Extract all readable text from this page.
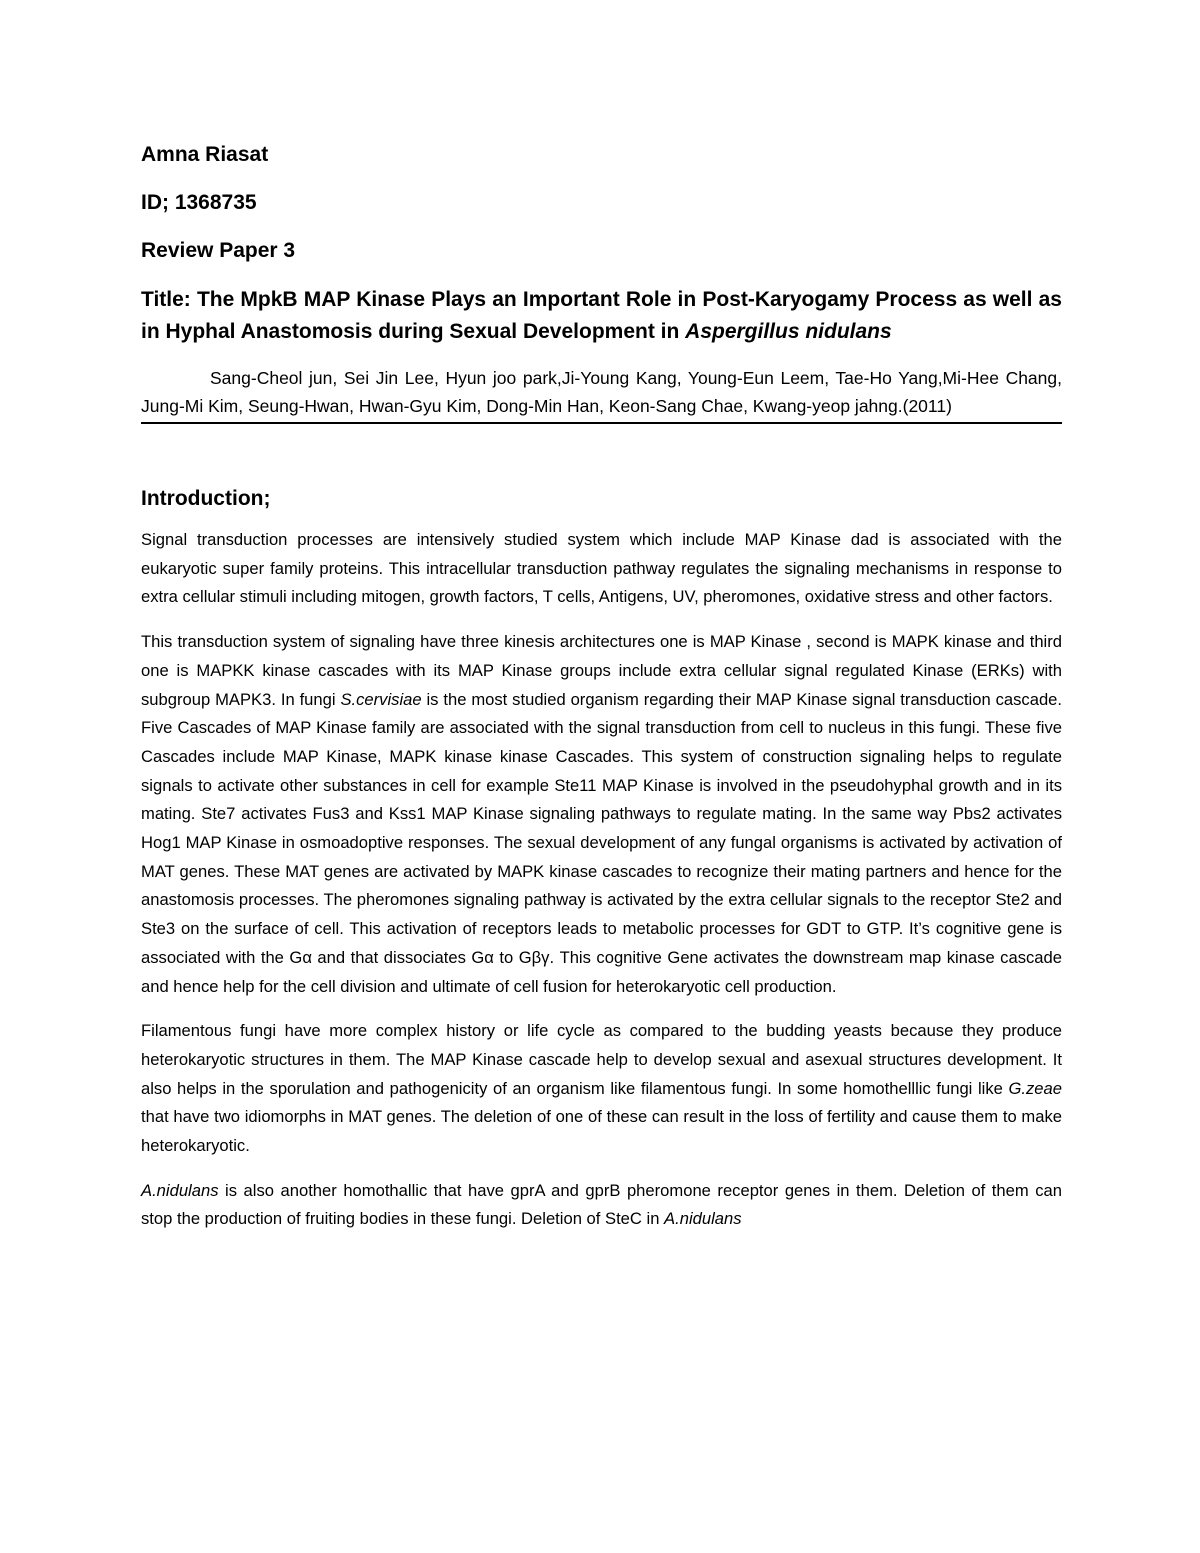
Amna Riasat
ID; 1368735
Review Paper 3
Title: The MpkB MAP Kinase Plays an Important Role in Post-Karyogamy Process as well as in Hyphal Anastomosis during Sexual Development in Aspergillus nidulans

Sang-Cheol jun, Sei Jin Lee, Hyun joo park,Ji-Young Kang, Young-Eun Leem, Tae-Ho Yang,Mi-Hee Chang, Jung-Mi Kim, Seung-Hwan, Hwan-Gyu Kim, Dong-Min Han, Keon-Sang Chae, Kwang-yeop jahng.(2011)

Introduction;

Signal transduction processes are intensively studied system which include MAP Kinase dad is associated with the eukaryotic super family proteins. This intracellular transduction pathway regulates the signaling mechanisms in response to extra cellular stimuli including mitogen, growth factors, T cells, Antigens, UV, pheromones, oxidative stress and other factors.

This transduction system of signaling have three kinesis architectures one is MAP Kinase , second is MAPK kinase and third one is MAPKK kinase cascades with its MAP Kinase groups include extra cellular signal regulated Kinase (ERKs) with subgroup MAPK3. In fungi S.cervisiae is the most studied organism regarding their MAP Kinase signal transduction cascade. Five Cascades of MAP Kinase family are associated with the signal transduction from cell to nucleus in this fungi. These five Cascades include MAP Kinase, MAPK kinase kinase Cascades. This system of construction signaling helps to regulate signals to activate other substances in cell for example Ste11 MAP Kinase is involved in the pseudohyphal growth and in its mating. Ste7 activates Fus3 and Kss1 MAP Kinase signaling pathways to regulate mating. In the same way Pbs2 activates Hog1 MAP Kinase in osmoadoptive responses. The sexual development of any fungal organisms is activated by activation of MAT genes. These MAT genes are activated by MAPK kinase cascades to recognize their mating partners and hence for the anastomosis processes. The pheromones signaling pathway is activated by the extra cellular signals to the receptor Ste2 and Ste3 on the surface of cell. This activation of receptors leads to metabolic processes for GDT to GTP. It’s cognitive gene is associated with the Gα and that dissociates Gα to Gβγ. This cognitive Gene activates the downstream map kinase cascade and hence help for the cell division and ultimate of cell fusion for heterokaryotic cell production.

Filamentous fungi have more complex history or life cycle as compared to the budding yeasts because they produce heterokaryotic structures in them. The MAP Kinase cascade help to develop sexual and asexual structures development. It also helps in the sporulation and pathogenicity of an organism like filamentous fungi. In some homothelllic fungi like G.zeae that have two idiomorphs in MAT genes. The deletion of one of these can result in the loss of fertility and cause them to make heterokaryotic.

A.nidulans is also another homothallic that have gprA and gprB pheromone receptor genes in them. Deletion of them can stop the production of fruiting bodies in these fungi. Deletion of SteC in A.nidulans
